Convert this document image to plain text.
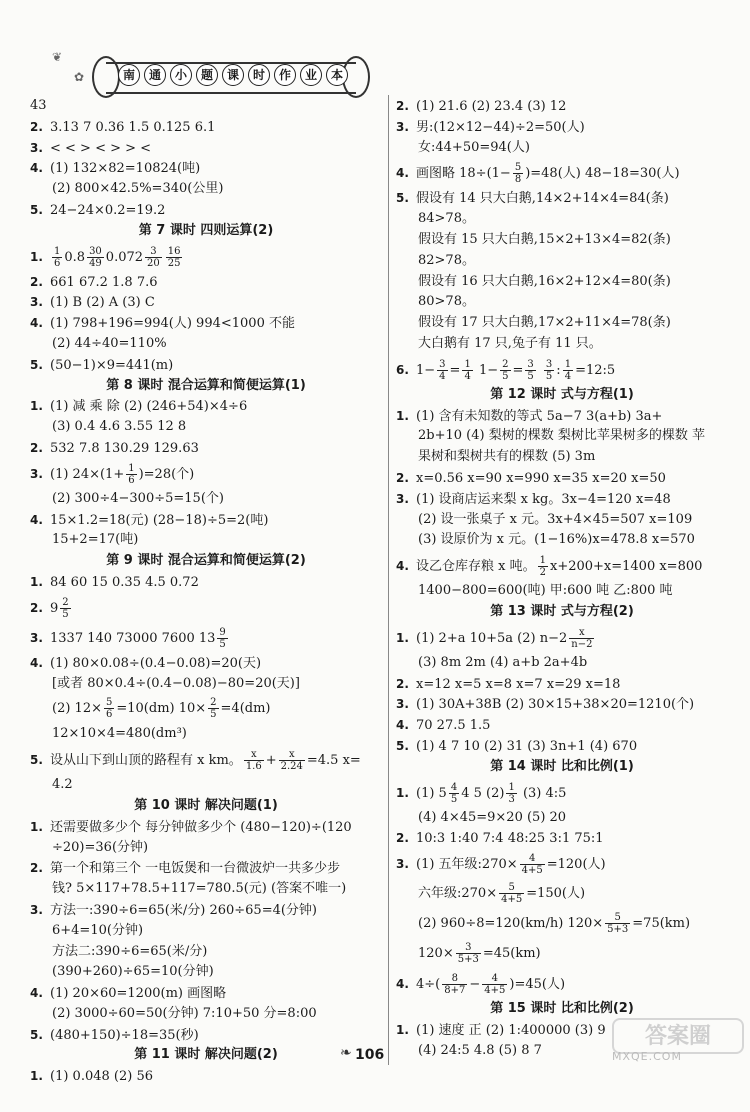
❦
✿	南	通	小	题	课	时	作	业	本
43
2. 3.13 7 0.36 1.5 0.125 6.1
3. < < > < > > <
4. (1) 132×82=10824(吨)
(2) 800×42.5%=340(公里)
5. 24−24×0.2=19.2
第 7 课时 四则运算(2)
1. $\frac{1}{6} 0.8 \frac{30}{49} 0.072 \frac{3}{20} \frac{16}{25}$
2. 661 67.2 1.8 7.6
3. (1) B (2) A (3) C
4. (1) 798+196=994(人) 994<1000 不能
(2) 44÷40=110%
5. (50−1)×9=441(m)
第 8 课时 混合运算和简便运算(1)
1. (1) 减 乘 除 (2) (246+54)×4÷6
(3) 0.4 4.6 3.55 12 8
2. 532 7.8 130.29 129.63
3. (1) $24\times(1+ \frac{1}{6} )=28$(个)
(2) 300÷4−300÷5=15(个)
4. 15×1.2=18(元) (28−18)÷5=2(吨)
15+2=17(吨)
第 9 课时 混合运算和简便运算(2)
1. 84 60 15 0.35 4.5 0.72
2. $9 \frac{2}{5}$
3. 1337 140 73000 7600 $13 \frac{9}{5}$
4. (1) 80×0.08÷(0.4−0.08)=20(天)
[或者 80×0.4÷(0.4−0.08)−80=20(天)]
(2) $12\times \frac{5}{6} =10(dm)$ $10\times \frac{2}{5} =4(dm)$
12×10×4=480(dm³)
5. 设从山下到山顶的路程有 x km。 $\frac{x}{1.6} + \frac{x}{2.24} =4.5$ x=
4.2
第 10 课时 解决问题(1)
1. 还需要做多少个 每分钟做多少个 (480−120)÷(120
÷20)=36(分钟)
2. 第一个和第三个 一电饭煲和一台微波炉一共多少步
钱? 5×117+78.5+117=780.5(元) (答案不唯一)
3. 方法一:390÷6=65(米/分) 260÷65=4(分钟)
6+4=10(分钟)
方法二:390÷6=65(米/分)
(390+260)÷65=10(分钟)
4. (1) 20×60=1200(m) 画图略
(2) 3000÷60=50(分钟) 7:10+50 分=8:00
5. (480+150)÷18=35(秒)
第 11 课时 解决问题(2)
1. (1) 0.048 (2) 56
2. (1) 21.6 (2) 23.4 (3) 12
3. 男:(12×12−44)÷2=50(人)
女:44+50=94(人)
4. 画图略 $18\div(1- \frac{5}{8} )=48$(人) 48−18=30(人)
5. 假设有 14 只大白鹅,14×2+14×4=84(条)
84>78。
假设有 15 只大白鹅,15×2+13×4=82(条)
82>78。
假设有 16 只大白鹅,16×2+12×4=80(条)
80>78。
假设有 17 只大白鹅,17×2+11×4=78(条)
大白鹅有 17 只,兔子有 11 只。
6. $1- \frac{3}{4} = \frac{1}{4} 1- \frac{2}{5} = \frac{3}{5}$
$\frac{3}{5}$ : $\frac{1}{4}$ =12:5
第 12 课时 式与方程(1)
1. (1) 含有未知数的等式 5a−7 3(a+b) 3a+
2b+10 (4) 梨树的棵数 梨树比苹果树多的棵数 苹
果树和梨树共有的棵数 (5) 3m
2. x=0.56 x=90 x=990 x=35 x=20 x=50
3. (1) 设商店运来梨 x kg。3x−4=120 x=48
(2) 设一张桌子 x 元。3x+4×45=507 x=109
(3) 设原价为 x 元。(1−16%)x=478.8 x=570
4. 设乙仓库存粮 x 吨。 $\frac{1}{2} x+200+x=1400$ x=800
1400−800=600(吨) 甲:600 吨 乙:800 吨
第 13 课时 式与方程(2)
1. (1) 2+a 10+5a (2) $n-2 \frac{x}{n-2}$
(3) 8m 2m (4) a+b 2a+4b
2. x=12 x=5 x=8 x=7 x=29 x=18
3. (1) 30A+38B (2) 30×15+38×20=1210(个)
4. 70 27.5 1.5
5. (1) 4 7 10 (2) 31 (3) 3n+1 (4) 670
第 14 课时 比和比例(1)
1. (1) $5 \frac{4}{5} 4$ 5 $(2) \frac{1}{3} (3)$ 4:5
(4) 4×45=9×20 (5) 20
2. 10:3 1:40 7:4 48:25 3:1 75:1
3. (1) 五年级:270× $\frac{4}{4+5} =120$(人)
六年级:270× $\frac{5}{4+5} =150$(人)
(2) 960÷8=120(km/h) $120\times \frac{5}{5+3} =75(km)$
$120\times \frac{3}{5+3} =45(km)$
4. $4\div( \frac{8}{8+7} - \frac{4}{4+5} )=45$(人)
第 15 课时 比和比例(2)
1. (1) 速度 正 (2) 1:400000 (3) 9
(4) 24:5 4.8 (5) 8 7
❧ 106
答案圈
MXQE.COM
